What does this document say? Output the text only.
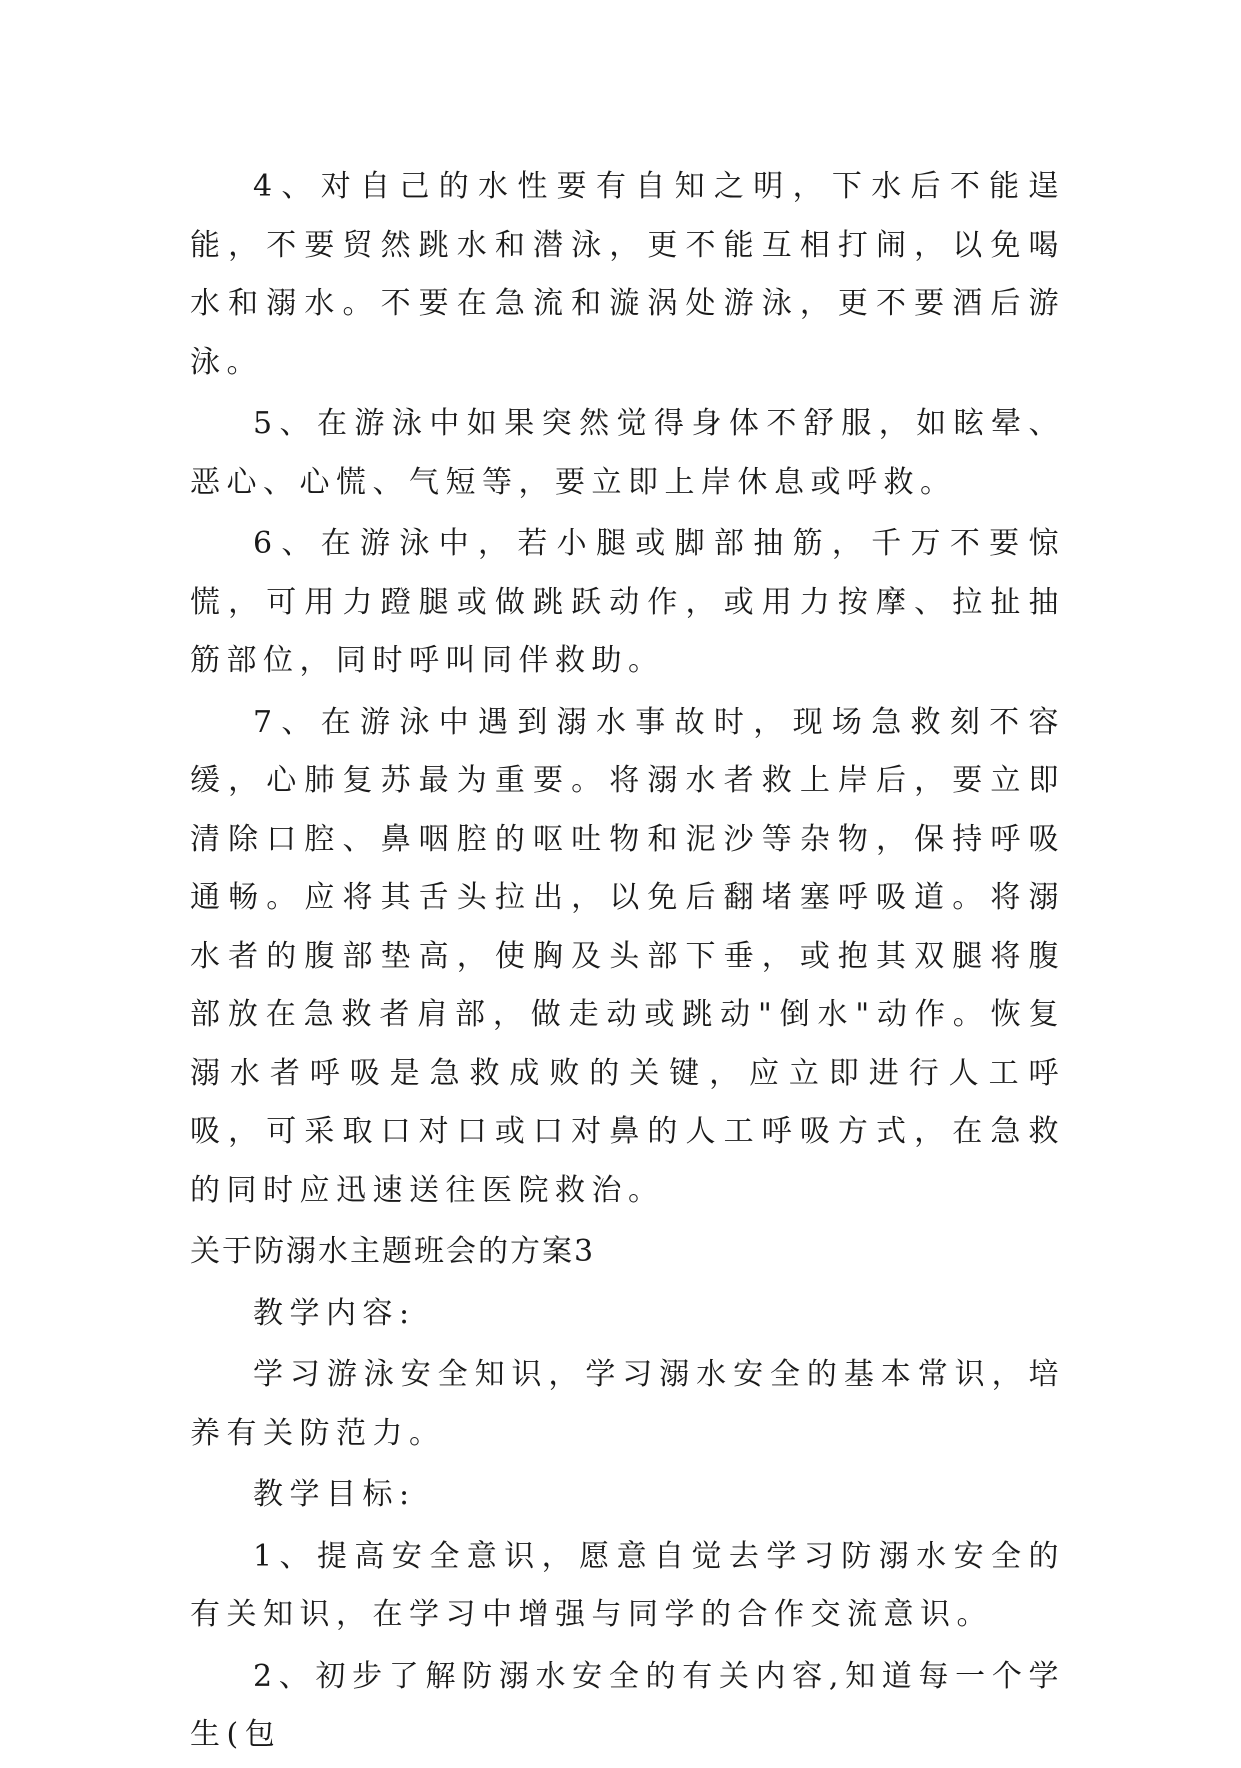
4、对自己的水性要有自知之明，下水后不能逞能，不要贸然跳水和潜泳，更不能互相打闹，以免喝水和溺水。不要在急流和漩涡处游泳，更不要酒后游泳。

5、在游泳中如果突然觉得身体不舒服，如眩晕、恶心、心慌、气短等，要立即上岸休息或呼救。

6、在游泳中，若小腿或脚部抽筋，千万不要惊慌，可用力蹬腿或做跳跃动作，或用力按摩、拉扯抽筋部位，同时呼叫同伴救助。

7、在游泳中遇到溺水事故时，现场急救刻不容缓，心肺复苏最为重要。将溺水者救上岸后，要立即清除口腔、鼻咽腔的呕吐物和泥沙等杂物，保持呼吸通畅。应将其舌头拉出，以免后翻堵塞呼吸道。将溺水者的腹部垫高，使胸及头部下垂，或抱其双腿将腹部放在急救者肩部，做走动或跳动"倒水"动作。恢复溺水者呼吸是急救成败的关键，应立即进行人工呼吸，可采取口对口或口对鼻的人工呼吸方式，在急救的同时应迅速送往医院救治。

关于防溺水主题班会的方案3

教学内容:

学习游泳安全知识，学习溺水安全的基本常识，培养有关防范力。

教学目标:

1、提高安全意识，愿意自觉去学习防溺水安全的有关知识，在学习中增强与同学的合作交流意识。

2、初步了解防溺水安全的有关内容,知道每一个学生(包
